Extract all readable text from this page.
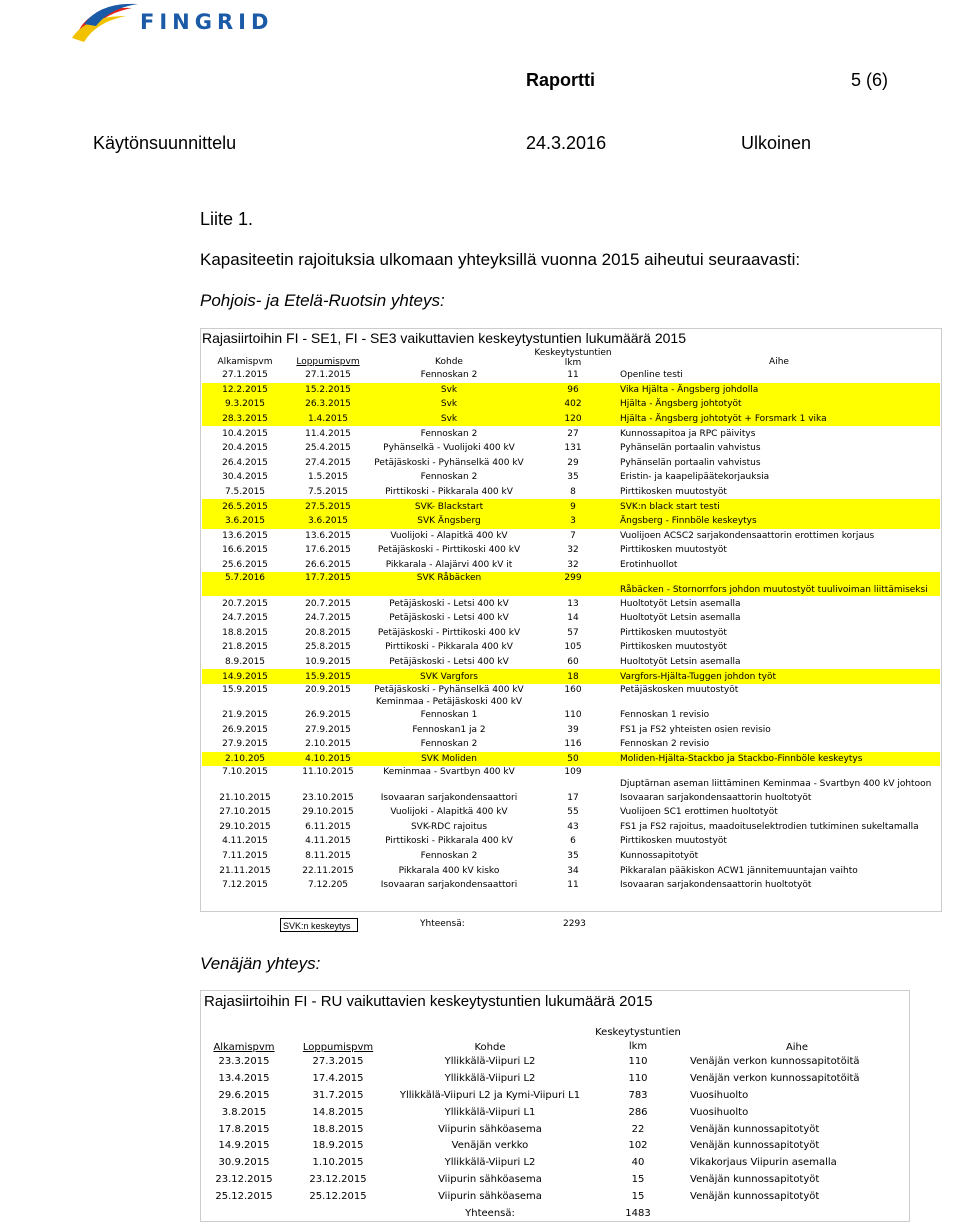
FINGRID
Raportti	5 (6)
Käytönsuunnittelu	24.3.2016	Ulkoinen
Liite 1.
Kapasiteetin rajoituksia ulkomaan yhteyksillä vuonna 2015 aiheutui seuraavasti:
Pohjois- ja Etelä-Ruotsin yhteys:
Rajasiirtoihin FI - SE1, FI - SE3 vaikuttavien keskeytystuntien lukumäärä 2015
Alkamispvm	Loppumispvm	Kohde	Keskeytystuntien
lkm	Aihe
27.1.2015	27.1.2015	Fennoskan 2	11	Openline testi
12.2.2015	15.2.2015	Svk	96	Vika Hjälta - Ängsberg johdolla
9.3.2015	26.3.2015	Svk	402	Hjälta - Ängsberg johtotyöt
28.3.2015	1.4.2015	Svk	120	Hjälta - Ängsberg johtotyöt + Forsmark 1 vika
10.4.2015	11.4.2015	Fennoskan 2	27	Kunnossapitoa ja RPC päivitys
20.4.2015	25.4.2015	Pyhänselkä - Vuolijoki 400 kV	131	Pyhänselän portaalin vahvistus
26.4.2015	27.4.2015	Petäjäskoski - Pyhänselkä 400 kV	29	Pyhänselän portaalin vahvistus
30.4.2015	1.5.2015	Fennoskan 2	35	Eristin- ja kaapelipäätekorjauksia
7.5.2015	7.5.2015	Pirttikoski - Pikkarala 400 kV	8	Pirttikosken muutostyöt
26.5.2015	27.5.2015	SVK- Blackstart	9	SVK:n black start testi
3.6.2015	3.6.2015	SVK Ängsberg	3	Ängsberg - Finnböle keskeytys
13.6.2015	13.6.2015	Vuolijoki - Alapitkä 400 kV	7	Vuolijoen ACSC2 sarjakondensaattorin erottimen korjaus
16.6.2015	17.6.2015	Petäjäskoski - Pirttikoski 400 kV	32	Pirttikosken muutostyöt
25.6.2015	26.6.2015	Pikkarala - Alajärvi 400 kV it	32	Erotinhuollot
5.7.2016	17.7.2015	SVK Råbäcken	299	Råbäcken - Stornorrfors johdon muutostyöt tuulivoiman liittämiseksi
20.7.2015	20.7.2015	Petäjäskoski - Letsi 400 kV	13	Huoltotyöt Letsin asemalla
24.7.2015	24.7.2015	Petäjäskoski - Letsi 400 kV	14	Huoltotyöt Letsin asemalla
18.8.2015	20.8.2015	Petäjäskoski - Pirttikoski 400 kV	57	Pirttikosken muutostyöt
21.8.2015	25.8.2015	Pirttikoski - Pikkarala 400 kV	105	Pirttikosken muutostyöt
8.9.2015	10.9.2015	Petäjäskoski - Letsi 400 kV	60	Huoltotyöt Letsin asemalla
14.9.2015	15.9.2015	SVK Vargfors	18	Vargfors-Hjälta-Tuggen johdon työt
15.9.2015	20.9.2015	Petäjäskoski - Pyhänselkä 400 kV
Keminmaa - Petäjäskoski 400 kV	160	Petäjäskosken muutostyöt
21.9.2015	26.9.2015	Fennoskan 1	110	Fennoskan 1 revisio
26.9.2015	27.9.2015	Fennoskan1 ja 2	39	FS1 ja FS2 yhteisten osien revisio
27.9.2015	2.10.2015	Fennoskan 2	116	Fennoskan 2 revisio
2.10.205	4.10.2015	SVK Moliden	50	Moliden-Hjälta-Stackbo ja Stackbo-Finnböle keskeytys
7.10.2015	11.10.2015	Keminmaa - Svartbyn 400 kV	109	Djuptärnan aseman liittäminen Keminmaa - Svartbyn 400 kV johtoon
21.10.2015	23.10.2015	Isovaaran sarjakondensaattori	17	Isovaaran sarjakondensaattorin huoltotyöt
27.10.2015	29.10.2015	Vuolijoki - Alapitkä 400 kV	55	Vuolijoen SC1 erottimen huoltotyöt
29.10.2015	6.11.2015	SVK-RDC rajoitus	43	FS1 ja FS2 rajoitus, maadoituselektrodien tutkiminen sukeltamalla
4.11.2015	4.11.2015	Pirttikoski - Pikkarala 400 kV	6	Pirttikosken muutostyöt
7.11.2015	8.11.2015	Fennoskan 2	35	Kunnossapitotyöt
21.11.2015	22.11.2015	Pikkarala 400 kV kisko	34	Pikkaralan pääkiskon ACW1 jännitemuuntajan vaihto
7.12.2015	7.12.205	Isovaaran sarjakondensaattori	11	Isovaaran sarjakondensaattorin huoltotyöt
SVK:n keskeytys	Yhteensä:	2293
Venäjän yhteys:
Rajasiirtoihin FI - RU vaikuttavien keskeytystuntien lukumäärä 2015
Alkamispvm	Loppumispvm	Kohde	Keskeytystuntien
lkm	Aihe
23.3.2015	27.3.2015	Yllikkälä-Viipuri L2	110	Venäjän verkon kunnossapitotöitä
13.4.2015	17.4.2015	Yllikkälä-Viipuri L2	110	Venäjän verkon kunnossapitotöitä
29.6.2015	31.7.2015	Yllikkälä-Viipuri L2 ja Kymi-Viipuri L1	783	Vuosihuolto
3.8.2015	14.8.2015	Yllikkälä-Viipuri L1	286	Vuosihuolto
17.8.2015	18.8.2015	Viipurin sähköasema	22	Venäjän kunnossapitotyöt
14.9.2015	18.9.2015	Venäjän verkko	102	Venäjän kunnossapitotyöt
30.9.2015	1.10.2015	Yllikkälä-Viipuri L2	40	Vikakorjaus Viipurin asemalla
23.12.2015	23.12.2015	Viipurin sähköasema	15	Venäjän kunnossapitotyöt
25.12.2015	25.12.2015	Viipurin sähköasema	15	Venäjän kunnossapitotyöt
		Yhteensä:	1483	
